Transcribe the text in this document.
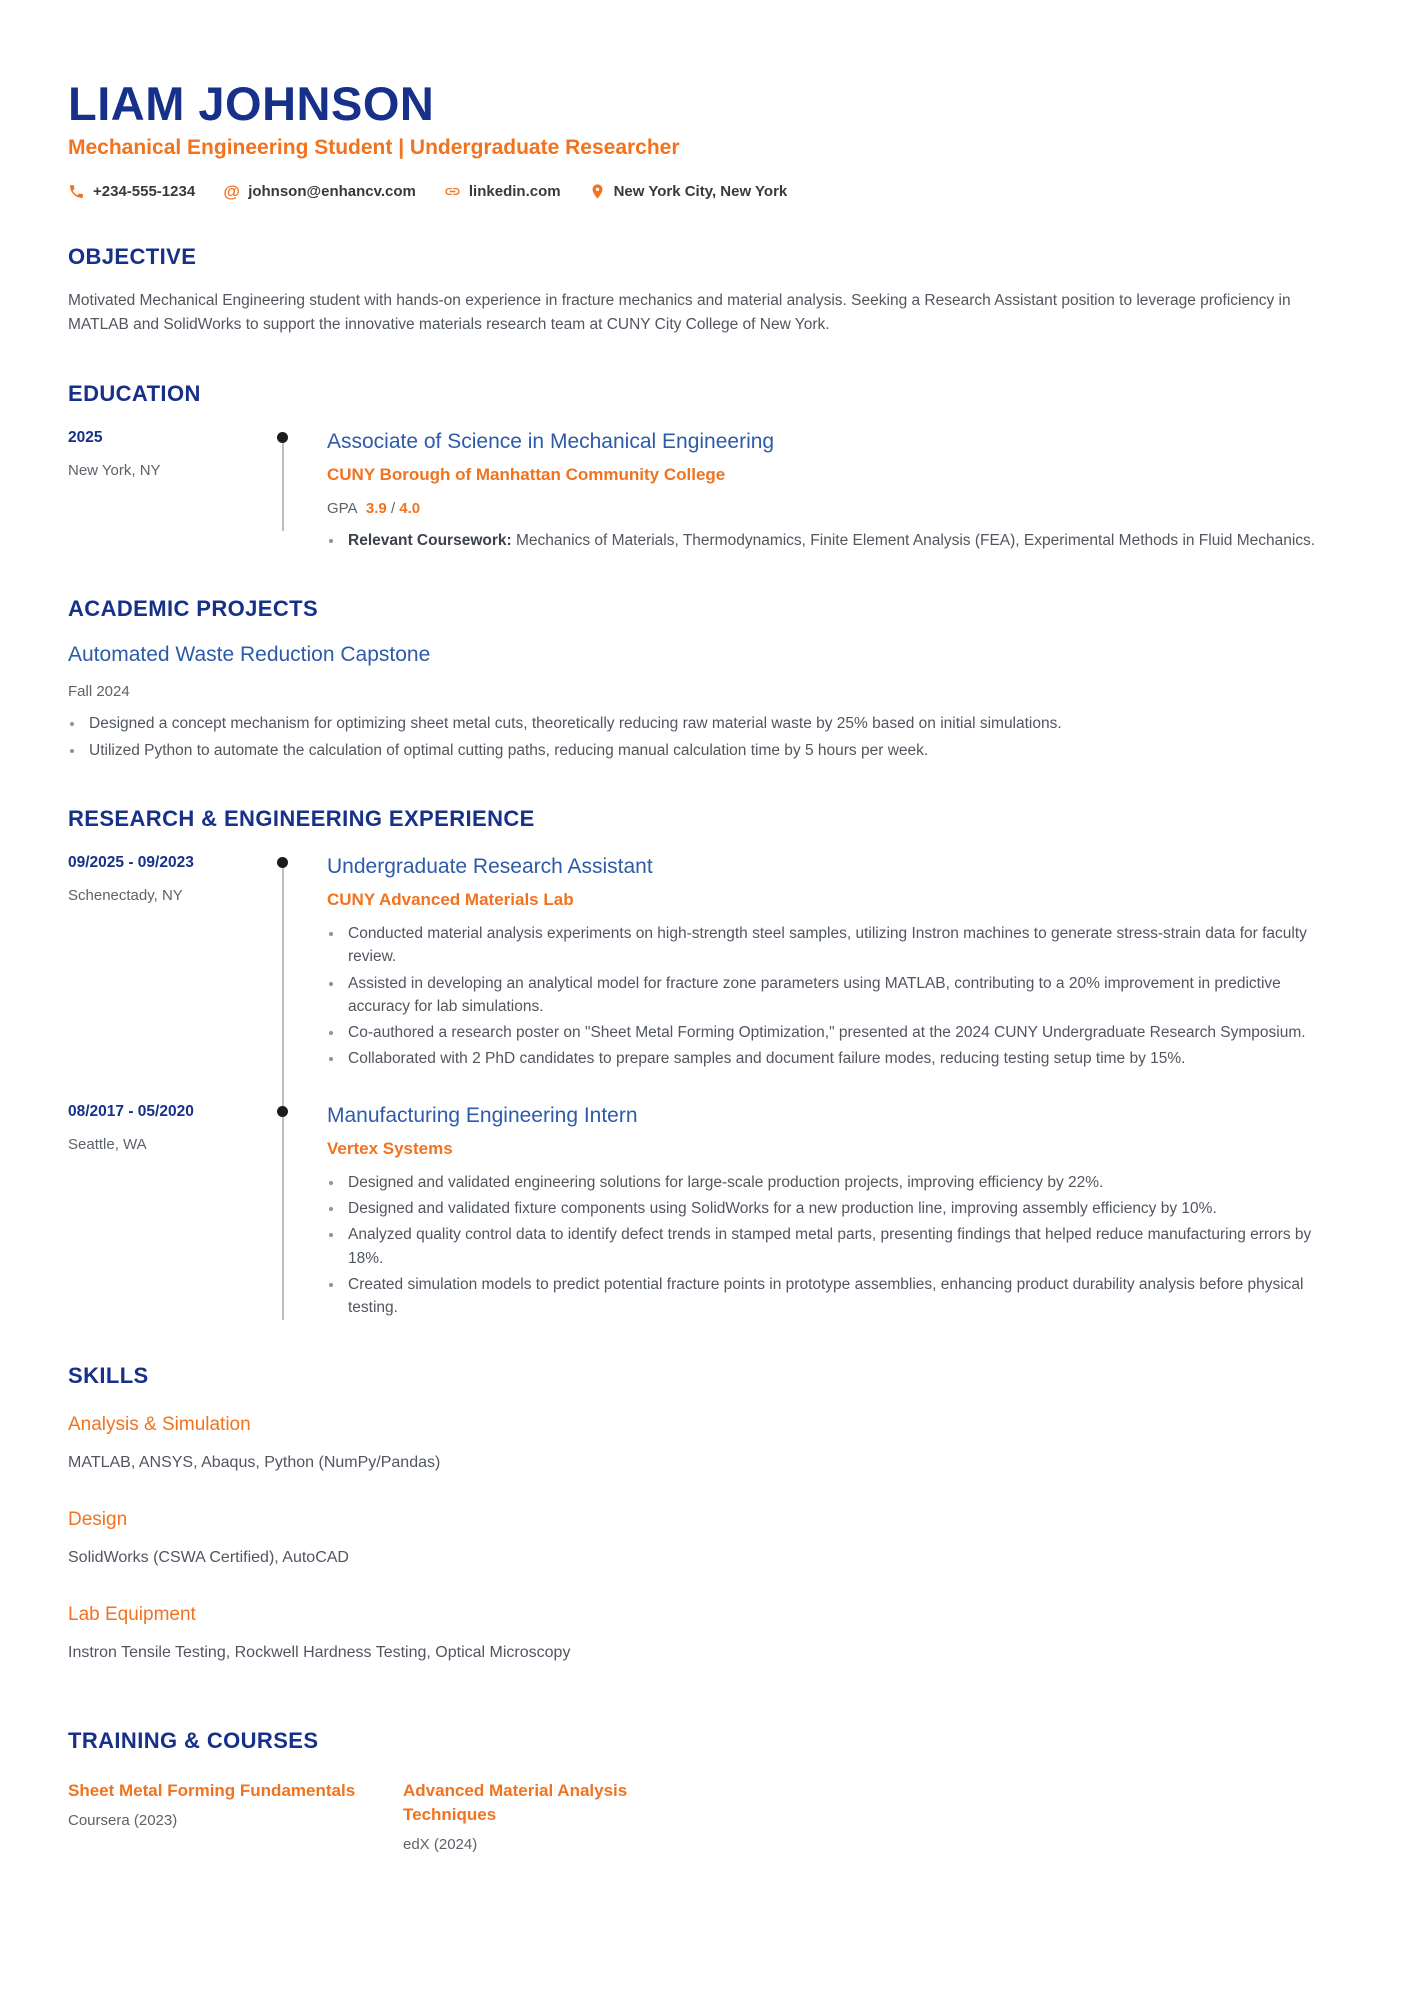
LIAM JOHNSON
Mechanical Engineering Student | Undergraduate Researcher
+234-555-1234 @ johnson@enhancv.com	linkedin.com	New York City, New York
OBJECTIVE

Motivated Mechanical Engineering student with hands-on experience in fracture mechanics and material analysis. Seeking a Research Assistant position to leverage proficiency in MATLAB and SolidWorks to support the innovative materials research team at CUNY City College of New York.

EDUCATION
2025
New York, NY
Associate of Science in Mechanical Engineering
CUNY Borough of Manhattan Community College
GPA 3.9 / 4.0
• Relevant Coursework: Mechanics of Materials, Thermodynamics, Finite Element Analysis (FEA), Experimental Methods in Fluid Mechanics.
ACADEMIC PROJECTS
Automated Waste Reduction Capstone
Fall 2024
• Designed a concept mechanism for optimizing sheet metal cuts, theoretically reducing raw material waste by 25% based on initial simulations.
• Utilized Python to automate the calculation of optimal cutting paths, reducing manual calculation time by 5 hours per week.
RESEARCH & ENGINEERING EXPERIENCE
09/2025 - 09/2023
Schenectady, NY
Undergraduate Research Assistant
CUNY Advanced Materials Lab
• Conducted material analysis experiments on high-strength steel samples, utilizing Instron machines to generate stress-strain data for faculty review.
• Assisted in developing an analytical model for fracture zone parameters using MATLAB, contributing to a 20% improvement in predictive accuracy for lab simulations.
• Co-authored a research poster on "Sheet Metal Forming Optimization," presented at the 2024 CUNY Undergraduate Research Symposium.
• Collaborated with 2 PhD candidates to prepare samples and document failure modes, reducing testing setup time by 15%.
08/2017 - 05/2020
Seattle, WA
Manufacturing Engineering Intern
Vertex Systems
• Designed and validated engineering solutions for large-scale production projects, improving efficiency by 22%.
• Designed and validated fixture components using SolidWorks for a new production line, improving assembly efficiency by 10%.
• Analyzed quality control data to identify defect trends in stamped metal parts, presenting findings that helped reduce manufacturing errors by 18%.
• Created simulation models to predict potential fracture points in prototype assemblies, enhancing product durability analysis before physical testing.
SKILLS
Analysis & Simulation
MATLAB, ANSYS, Abaqus, Python (NumPy/Pandas)
Design
SolidWorks (CSWA Certified), AutoCAD
Lab Equipment
Instron Tensile Testing, Rockwell Hardness Testing, Optical Microscopy
TRAINING & COURSES
Sheet Metal Forming Fundamentals
Coursera (2023)
Advanced Material Analysis Techniques
edX (2024)
